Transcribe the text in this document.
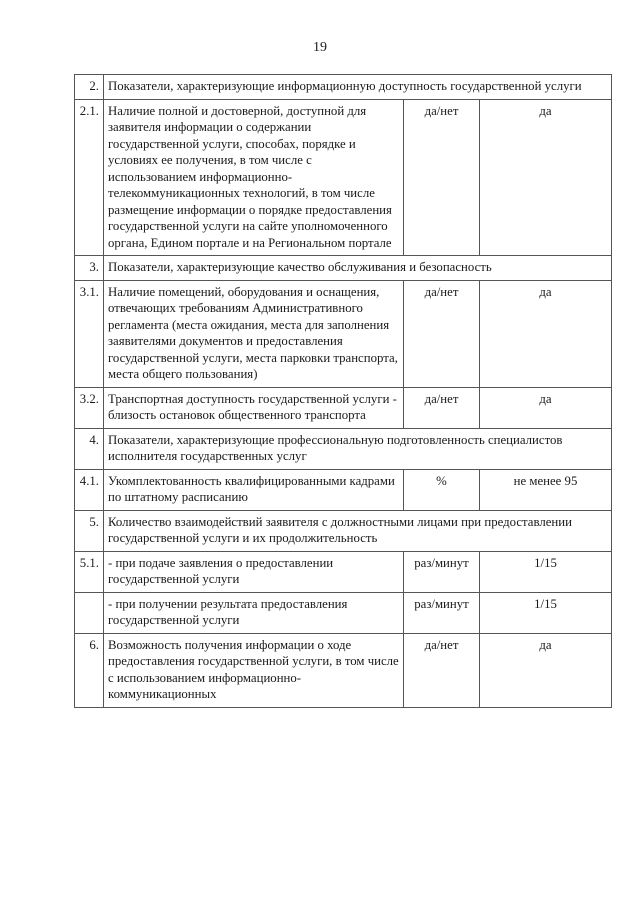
19
2.	Показатели, характеризующие информационную доступность государственной услуги		
2.1.	Наличие полной и достоверной, доступной для заявителя информации о содержании государственной услуги, способах, порядке и условиях ее получения, в том числе с использованием информационно-телекоммуникационных технологий, в том числе размещение информации о порядке предоставления государственной услуги на сайте уполномоченного органа, Едином портале и на Региональном портале	да/нет	да
3.	Показатели, характеризующие качество обслуживания и безопасность		
3.1.	Наличие помещений, оборудования и оснащения, отвечающих требованиям Административного регламента (места ожидания, места для заполнения заявителями документов и предоставления государственной услуги, места парковки транспорта, места общего пользования)	да/нет	да
3.2.	Транспортная доступность государственной услуги - близость остановок общественного транспорта	да/нет	да
4.	Показатели, характеризующие профессиональную подготовленность специалистов исполнителя государственных услуг		
4.1.	Укомплектованность квалифицированными кадрами по штатному расписанию	%	не менее 95
5.	Количество взаимодействий заявителя с должностными лицами при предоставлении государственной услуги и их продолжительность		
5.1.	- при подаче заявления о предоставлении государственной услуги	раз/минут	1/15
	- при получении результата предоставления государственной услуги	раз/минут	1/15
6.	Возможность получения информации о ходе предоставления государственной услуги, в том числе с использованием информационно-коммуникационных	да/нет	да
